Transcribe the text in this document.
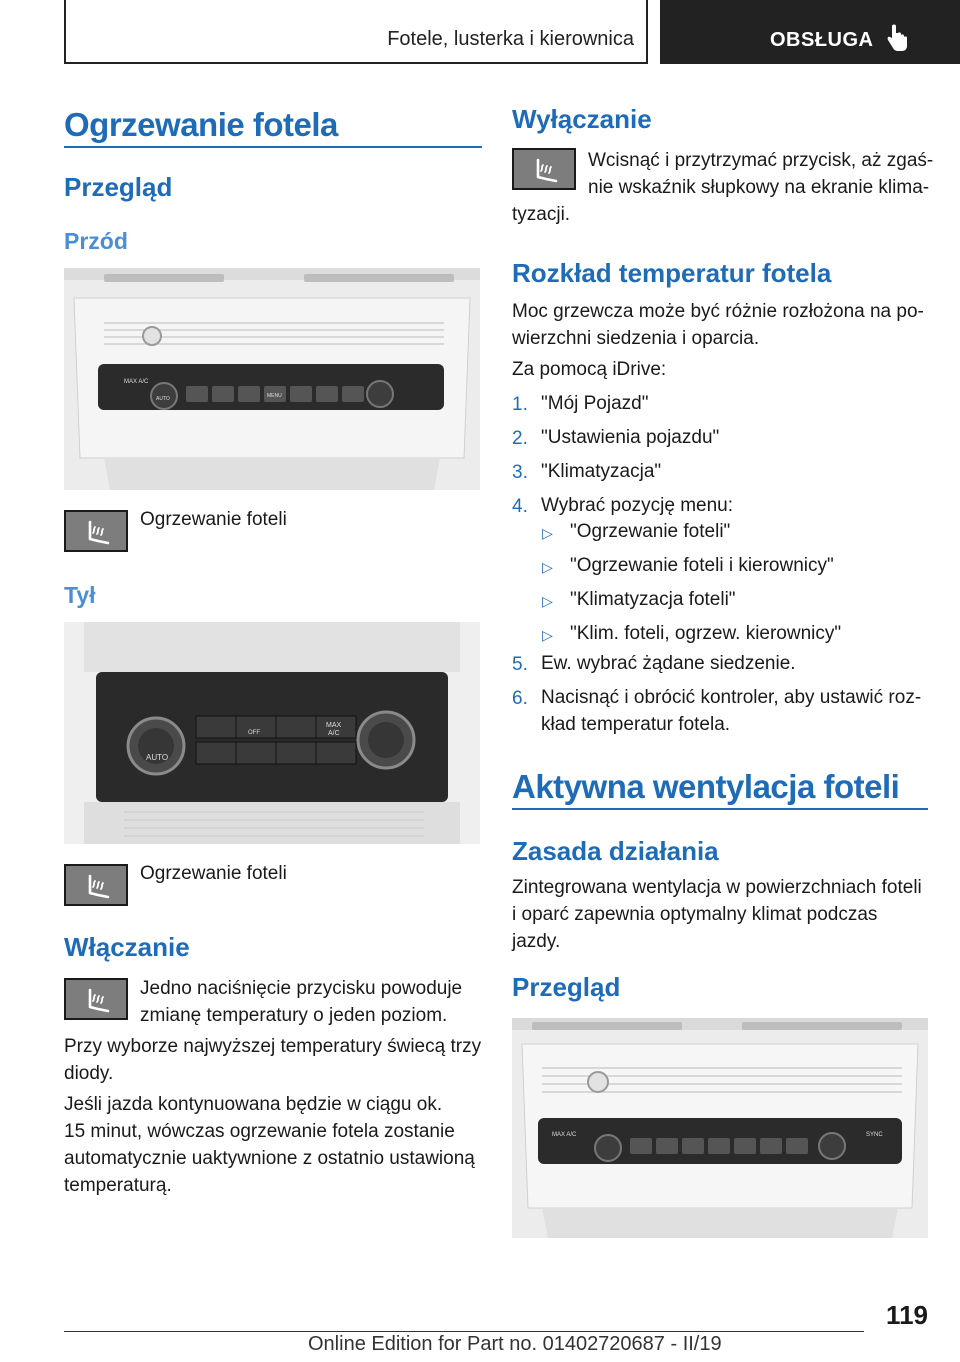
Fotele, lusterka i kierownica	OBSŁUGA
Ogrzewanie fotela
Przegląd
Przód
MAX A/C
AUTO	MENU
Ogrzewanie foteli
Tył
AUTO
OFF
MAX
A/C
Ogrzewanie foteli
Włączanie
Jedno naciśnięcie przycisku powoduje
zmianę temperatury o jeden poziom.
Przy wyborze najwyższej temperatury świecą trzy
diody.
Jeśli jazda kontynuowana będzie w ciągu ok.
15 minut, wówczas ogrzewanie fotela zostanie
automatycznie uaktywnione z ostatnio ustawioną
temperaturą.
Wyłączanie
Wcisnąć i przytrzymać przycisk, aż zgaś-
nie wskaźnik słupkowy na ekranie klima-
tyzacji.
Rozkład temperatur fotela
Moc grzewcza może być różnie rozłożona na po-
wierzchni siedzenia i oparcia.
Za pomocą iDrive:
1. "Mój Pojazd"
2. "Ustawienia pojazdu"
3. "Klimatyzacja"
4. Wybrać pozycję menu:
▷ "Ogrzewanie foteli"
▷ "Ogrzewanie foteli i kierownicy"
▷ "Klimatyzacja foteli"
▷ "Klim. foteli, ogrzew. kierownicy"
5. Ew. wybrać żądane siedzenie.
6. Nacisnąć i obrócić kontroler, aby ustawić roz-
kład temperatur fotela.
Aktywna wentylacja foteli
Zasada działania
Zintegrowana wentylacja w powierzchniach foteli
i oparć zapewnia optymalny klimat podczas
jazdy.
Przegląd
MAX A/C	SYNC
119
Online Edition for Part no. 01402720687 - II/19
